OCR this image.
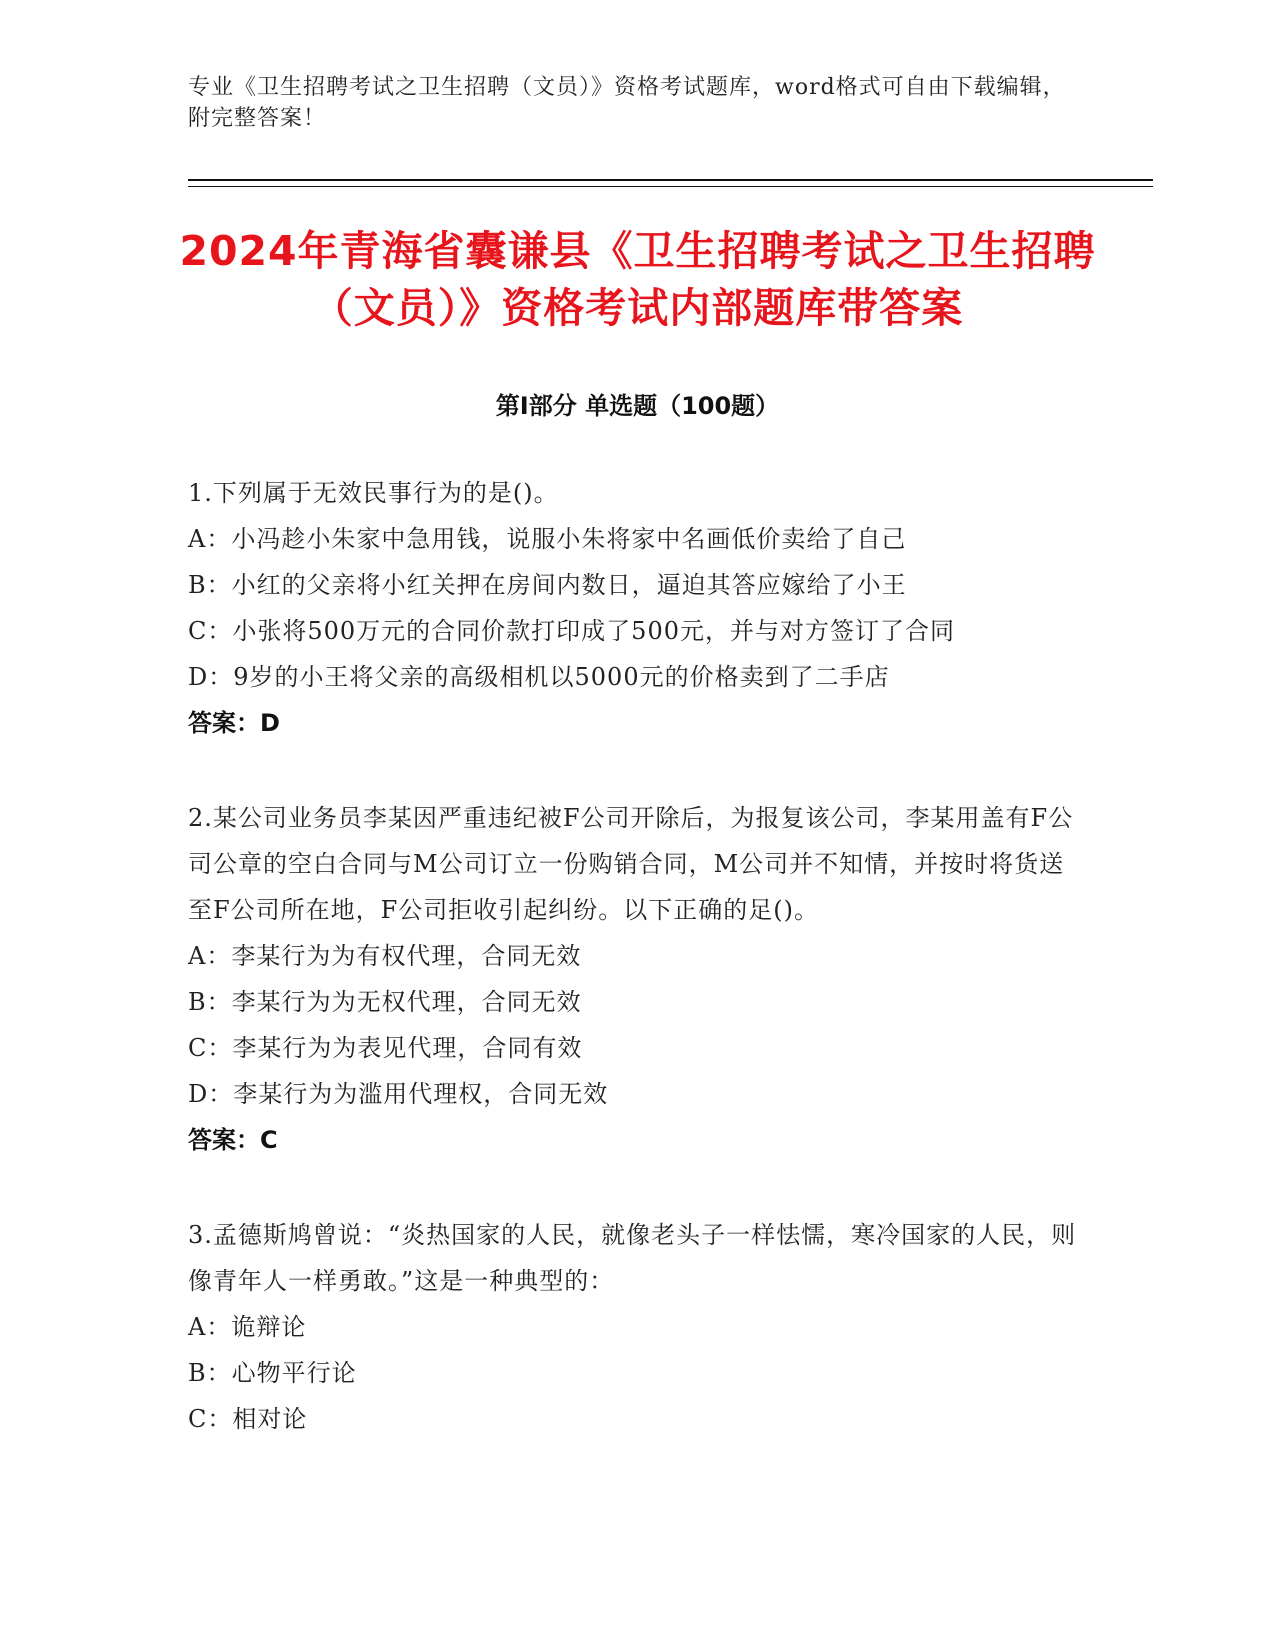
专业《卫生招聘考试之卫生招聘（文员）》资格考试题库，word格式可自由下载编辑，附完整答案！
2024年青海省囊谦县《卫生招聘考试之卫生招聘（文员）》资格考试内部题库带答案
第Ⅰ部分 单选题（100题）
1.下列属于无效民事行为的是()。
A：小冯趁小朱家中急用钱，说服小朱将家中名画低价卖给了自己
B：小红的父亲将小红关押在房间内数日，逼迫其答应嫁给了小王
C：小张将500万元的合同价款打印成了500元，并与对方签订了合同
D：9岁的小王将父亲的高级相机以5000元的价格卖到了二手店
答案：D
2.某公司业务员李某因严重违纪被F公司开除后，为报复该公司，李某用盖有F公司公章的空白合同与M公司订立一份购销合同，M公司并不知情，并按时将货送至F公司所在地，F公司拒收引起纠纷。以下正确的足()。
A：李某行为为有权代理，合同无效
B：李某行为为无权代理，合同无效
C：李某行为为表见代理，合同有效
D：李某行为为滥用代理权，合同无效
答案：C
3.孟德斯鸠曾说：“炎热国家的人民，就像老头子一样怯懦，寒冷国家的人民，则像青年人一样勇敢。”这是一种典型的：
A：诡辩论
B：心物平行论
C：相对论
